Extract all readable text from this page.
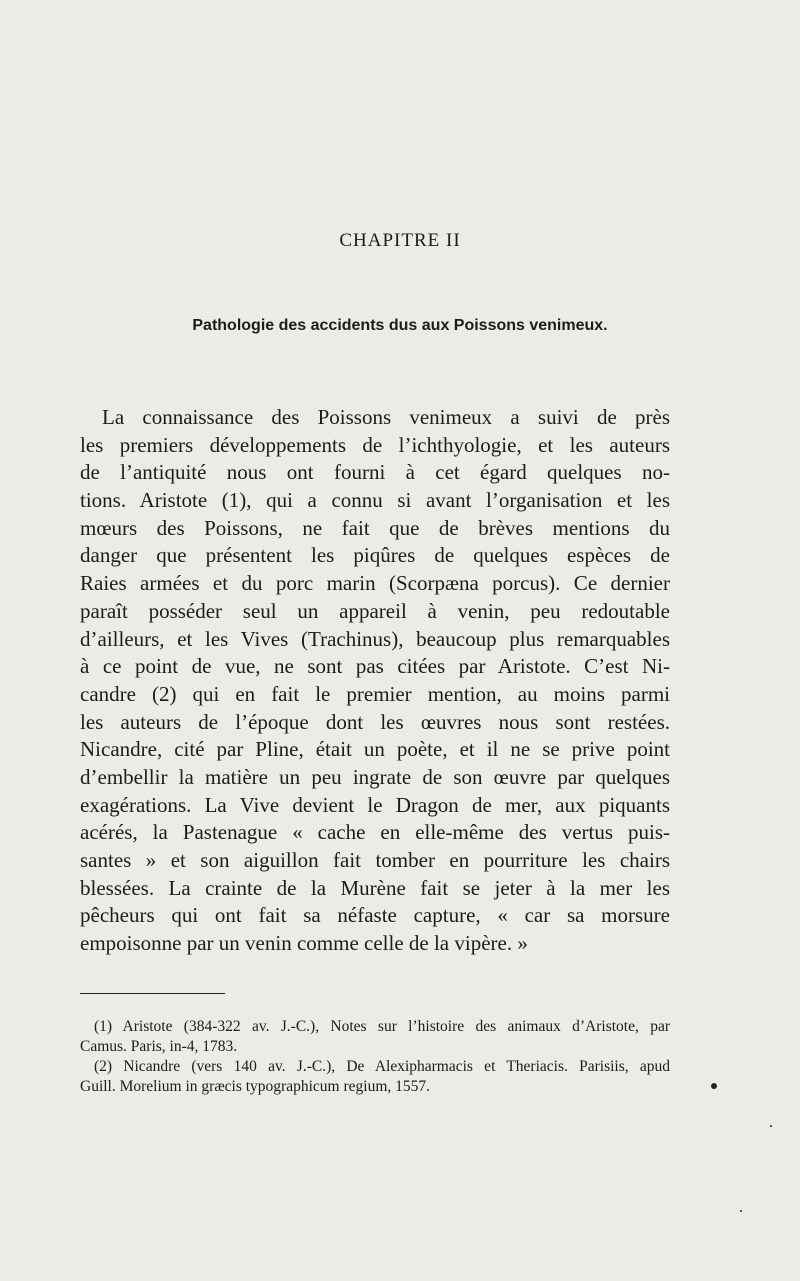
CHAPITRE II
Pathologie des accidents dus aux Poissons venimeux.
La connaissance des Poissons venimeux a suivi de près
les premiers développements de l’ichthyologie, et les auteurs
de l’antiquité nous ont fourni à cet égard quelques no-
tions. Aristote (1), qui a connu si avant l’organisation et les
mœurs des Poissons, ne fait que de brèves mentions du
danger que présentent les piqûres de quelques espèces de
Raies armées et du porc marin (Scorpæna porcus). Ce dernier
paraît posséder seul un appareil à venin, peu redoutable
d’ailleurs, et les Vives (Trachinus), beaucoup plus remarquables
à ce point de vue, ne sont pas citées par Aristote. C’est Ni-
candre (2) qui en fait le premier mention, au moins parmi
les auteurs de l’époque dont les œuvres nous sont restées.
Nicandre, cité par Pline, était un poète, et il ne se prive point
d’embellir la matière un peu ingrate de son œuvre par quelques
exagérations. La Vive devient le Dragon de mer, aux piquants
acérés, la Pastenague « cache en elle-même des vertus puis-
santes » et son aiguillon fait tomber en pourriture les chairs
blessées. La crainte de la Murène fait se jeter à la mer les
pêcheurs qui ont fait sa néfaste capture, « car sa morsure
empoisonne par un venin comme celle de la vipère. »
(1) Aristote (384-322 av. J.-C.), Notes sur l’histoire des animaux d’Aristote, par
Camus. Paris, in-4, 1783.
(2) Nicandre (vers 140 av. J.-C.), De Alexipharmacis et Theriacis. Parisiis, apud
Guill. Morelium in græcis typographicum regium, 1557.
